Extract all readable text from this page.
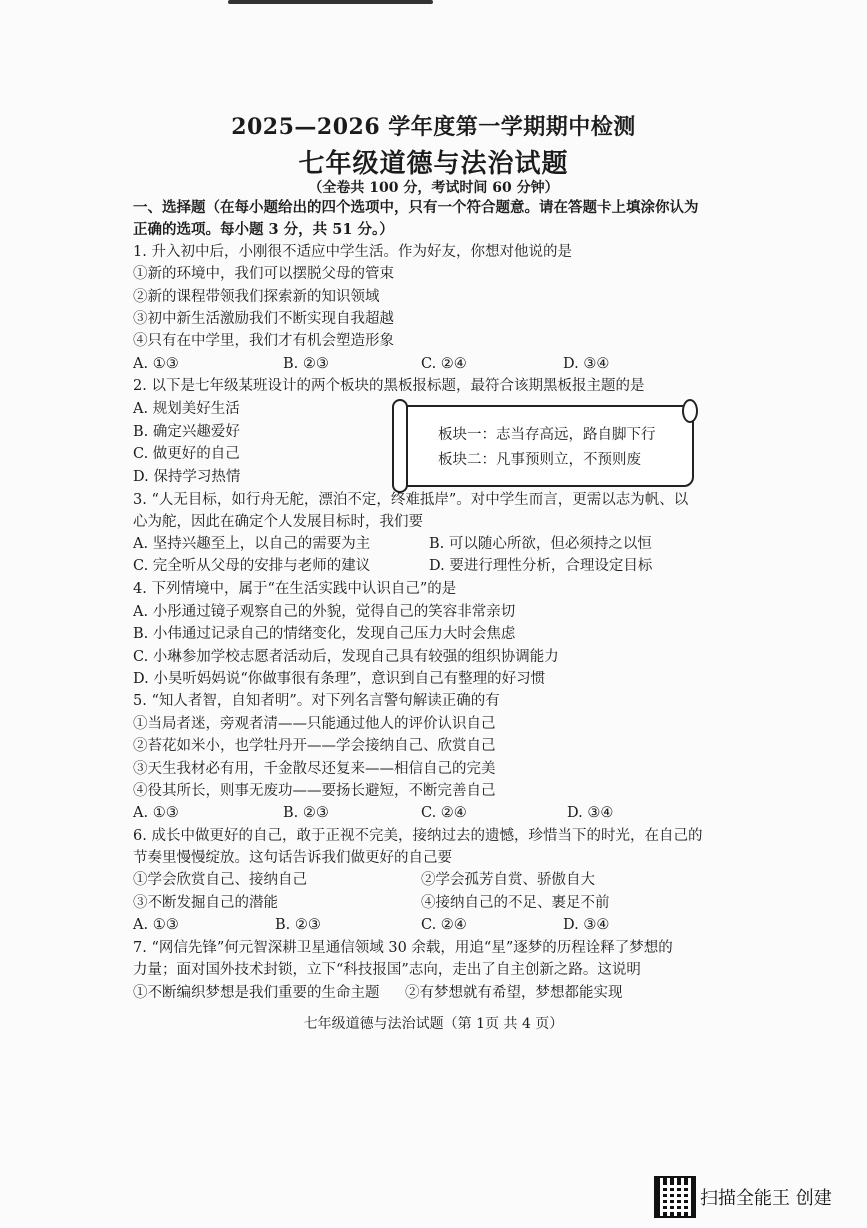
2025—2026 学年度第一学期期中检测
七年级道德与法治试题
（全卷共 100 分，考试时间 60 分钟）
一、选择题（在每小题给出的四个选项中，只有一个符合题意。请在答题卡上填涂你认为
正确的选项。每小题 3 分，共 51 分。）
1. 升入初中后，小刚很不适应中学生活。作为好友，你想对他说的是
①新的环境中，我们可以摆脱父母的管束
②新的课程带领我们探索新的知识领域
③初中新生活激励我们不断实现自我超越
④只有在中学里，我们才有机会塑造形象
A. ①③	B. ②③	C. ②④	D. ③④
2. 以下是七年级某班设计的两个板块的黑板报标题，最符合该期黑板报主题的是
A. 规划美好生活
B. 确定兴趣爱好
C. 做更好的自己
D. 保持学习热情
板块一：志当存高远，路自脚下行
板块二：凡事预则立，不预则废
3. “人无目标，如行舟无舵，漂泊不定，终难抵岸”。对中学生而言，更需以志为帆、以
心为舵，因此在确定个人发展目标时，我们要
A. 坚持兴趣至上，以自己的需要为主	B. 可以随心所欲，但必须持之以恒
C. 完全听从父母的安排与老师的建议	D. 要进行理性分析，合理设定目标
4. 下列情境中，属于“在生活实践中认识自己”的是
A. 小彤通过镜子观察自己的外貌，觉得自己的笑容非常亲切
B. 小伟通过记录自己的情绪变化，发现自己压力大时会焦虑
C. 小琳参加学校志愿者活动后，发现自己具有较强的组织协调能力
D. 小昊听妈妈说“你做事很有条理”，意识到自己有整理的好习惯
5. “知人者智，自知者明”。对下列名言警句解读正确的有
①当局者迷，旁观者清——只能通过他人的评价认识自己
②苔花如米小，也学牡丹开——学会接纳自己、欣赏自己
③天生我材必有用，千金散尽还复来——相信自己的完美
④役其所长，则事无废功——要扬长避短，不断完善自己
A. ①③	B. ②③	C. ②④	D. ③④
6. 成长中做更好的自己，敢于正视不完美，接纳过去的遗憾，珍惜当下的时光，在自己的
节奏里慢慢绽放。这句话告诉我们做更好的自己要
①学会欣赏自己、接纳自己	②学会孤芳自赏、骄傲自大
③不断发掘自己的潜能	④接纳自己的不足、裹足不前
A. ①③	B. ②③	C. ②④	D. ③④
7. “网信先锋”何元智深耕卫星通信领域 30 余载，用追“星”逐梦的历程诠释了梦想的
力量；面对国外技术封锁，立下“科技报国”志向，走出了自主创新之路。这说明
①不断编织梦想是我们重要的生命主题 ②有梦想就有希望，梦想都能实现
七年级道德与法治试题（第 1页 共 4 页）
扫描全能王 创建
